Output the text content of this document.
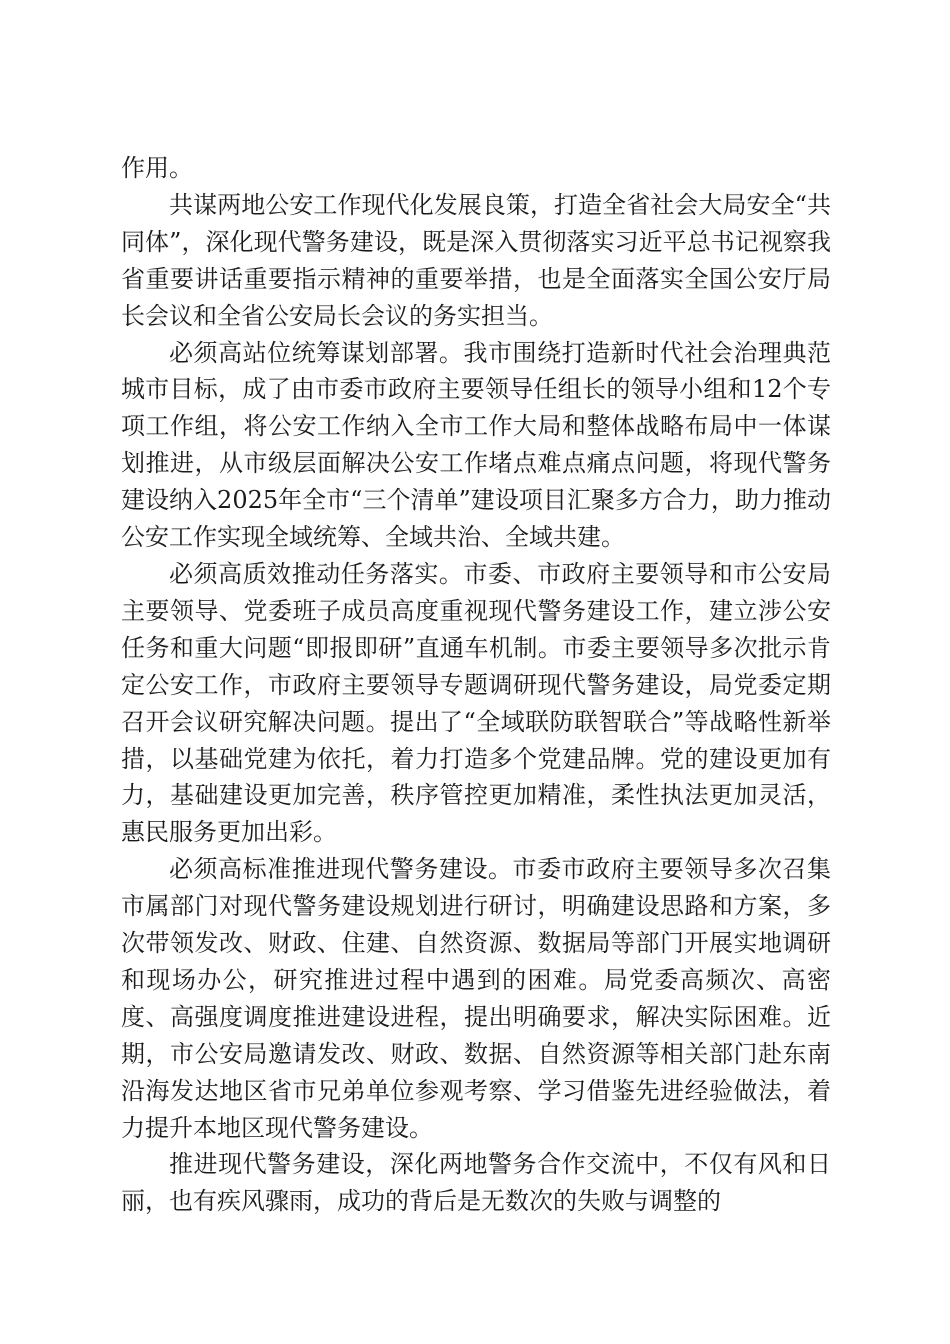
作用。

共谋两地公安工作现代化发展良策，打造全省社会大局安全“共同体”，深化现代警务建设，既是深入贯彻落实习近平总书记视察我省重要讲话重要指示精神的重要举措，也是全面落实全国公安厅局长会议和全省公安局长会议的务实担当。

必须高站位统筹谋划部署。我市围绕打造新时代社会治理典范城市目标，成了由市委市政府主要领导任组长的领导小组和12个专项工作组，将公安工作纳入全市工作大局和整体战略布局中一体谋划推进，从市级层面解决公安工作堵点难点痛点问题，将现代警务建设纳入2025年全市“三个清单”建设项目汇聚多方合力，助力推动公安工作实现全域统筹、全域共治、全域共建。

必须高质效推动任务落实。市委、市政府主要领导和市公安局主要领导、党委班子成员高度重视现代警务建设工作，建立涉公安任务和重大问题“即报即研”直通车机制。市委主要领导多次批示肯定公安工作，市政府主要领导专题调研现代警务建设，局党委定期召开会议研究解决问题。提出了“全域联防联智联合”等战略性新举措，以基础党建为依托，着力打造多个党建品牌。党的建设更加有力，基础建设更加完善，秩序管控更加精准，柔性执法更加灵活，惠民服务更加出彩。

必须高标准推进现代警务建设。市委市政府主要领导多次召集市属部门对现代警务建设规划进行研讨，明确建设思路和方案，多次带领发改、财政、住建、自然资源、数据局等部门开展实地调研和现场办公，研究推进过程中遇到的困难。局党委高频次、高密度、高强度调度推进建设进程，提出明确要求，解决实际困难。近期，市公安局邀请发改、财政、数据、自然资源等相关部门赴东南沿海发达地区省市兄弟单位参观考察、学习借鉴先进经验做法，着力提升本地区现代警务建设。

推进现代警务建设，深化两地警务合作交流中，不仅有风和日丽，也有疾风骤雨，成功的背后是无数次的失败与调整的
